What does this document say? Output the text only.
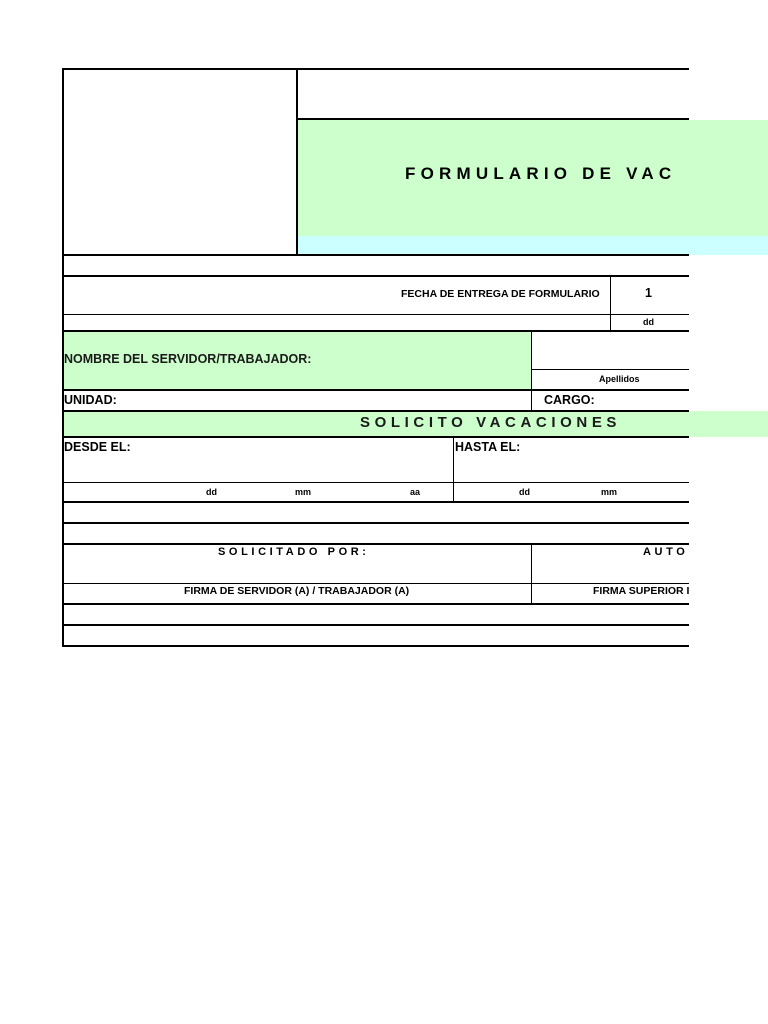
FORMULARIO DE VAC
FECHA DE ENTREGA DE FORMULARIO	1
dd
NOMBRE DEL SERVIDOR/TRABAJADOR:
Apellidos
UNIDAD:	CARGO:
DESDE EL:	HASTA EL:
dd	mm	aa	dd	mm
SOLICITADO POR:	AUTO
FIRMA DE SERVIDOR (A) / TRABAJADOR (A)	FIRMA SUPERIOR I
SOLICITO VACACIONES
